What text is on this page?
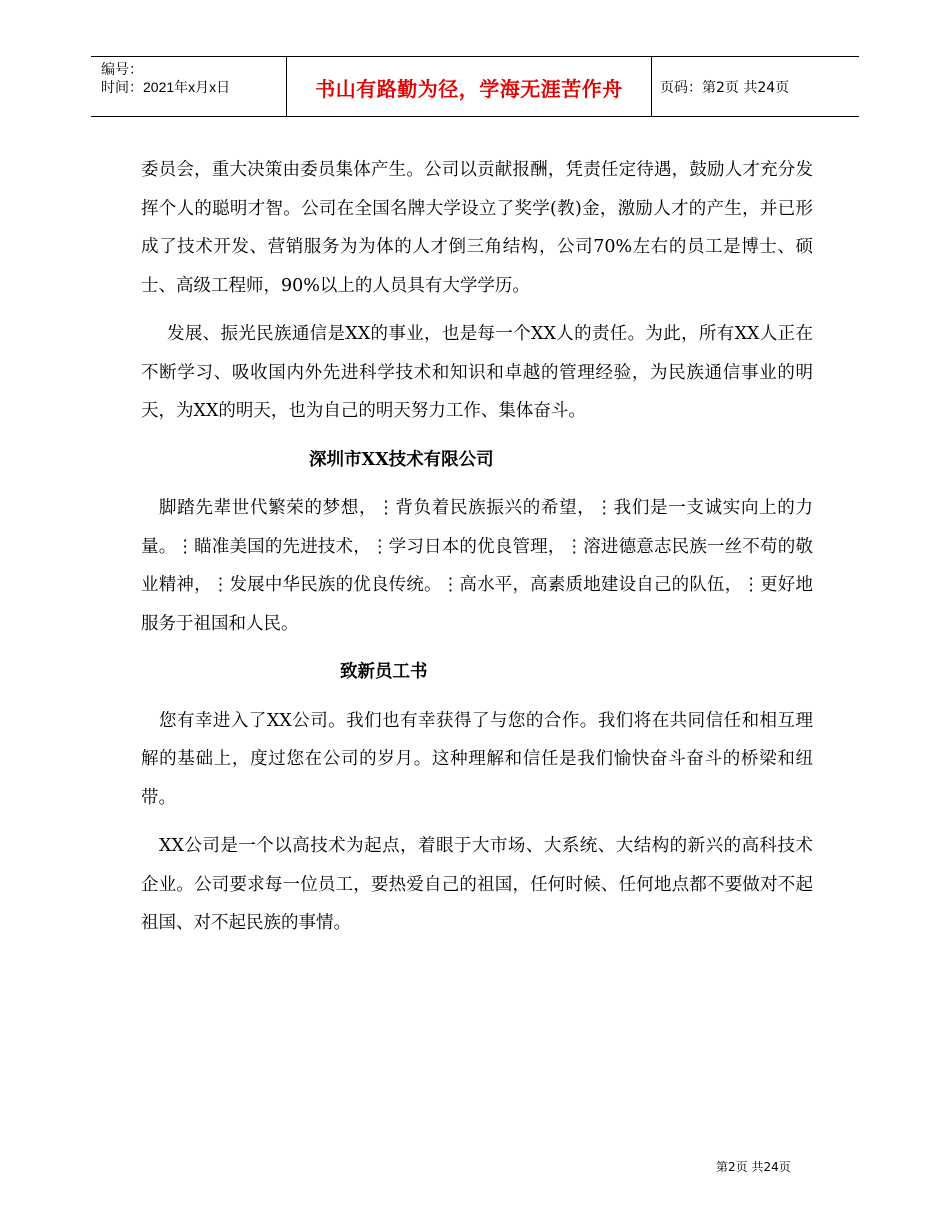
编号：
时间：2021年x月x日	书山有路勤为径，学海无涯苦作舟	页码：第2页 共24页

委员会，重大决策由委员集体产生。公司以贡献报酬，凭责任定待遇，鼓励人才充分发挥个人的聪明才智。公司在全国名牌大学设立了奖学(教)金，激励人才的产生，并已形成了技术开发、营销服务为为体的人才倒三角结构，公司70%左右的员工是博士、硕士、高级工程师，90%以上的人员具有大学学历。

发展、振光民族通信是XX的事业，也是每一个XX人的责任。为此，所有XX人正在不断学习、吸收国内外先进科学技术和知识和卓越的管理经验，为民族通信事业的明天，为XX的明天，也为自己的明天努力工作、集体奋斗。

深圳市XX技术有限公司

脚踏先辈世代繁荣的梦想，⋮背负着民族振兴的希望，⋮我们是一支诚实向上的力量。⋮瞄准美国的先进技术，⋮学习日本的优良管理，⋮溶进德意志民族一丝不苟的敬业精神，⋮发展中华民族的优良传统。⋮高水平，高素质地建设自己的队伍，⋮更好地服务于祖国和人民。

致新员工书

您有幸进入了XX公司。我们也有幸获得了与您的合作。我们将在共同信任和相互理解的基础上，度过您在公司的岁月。这种理解和信任是我们愉快奋斗奋斗的桥梁和纽带。

XX公司是一个以高技术为起点，着眼于大市场、大系统、大结构的新兴的高科技术企业。公司要求每一位员工，要热爱自己的祖国，任何时候、任何地点都不要做对不起祖国、对不起民族的事情。

第2页 共24页
